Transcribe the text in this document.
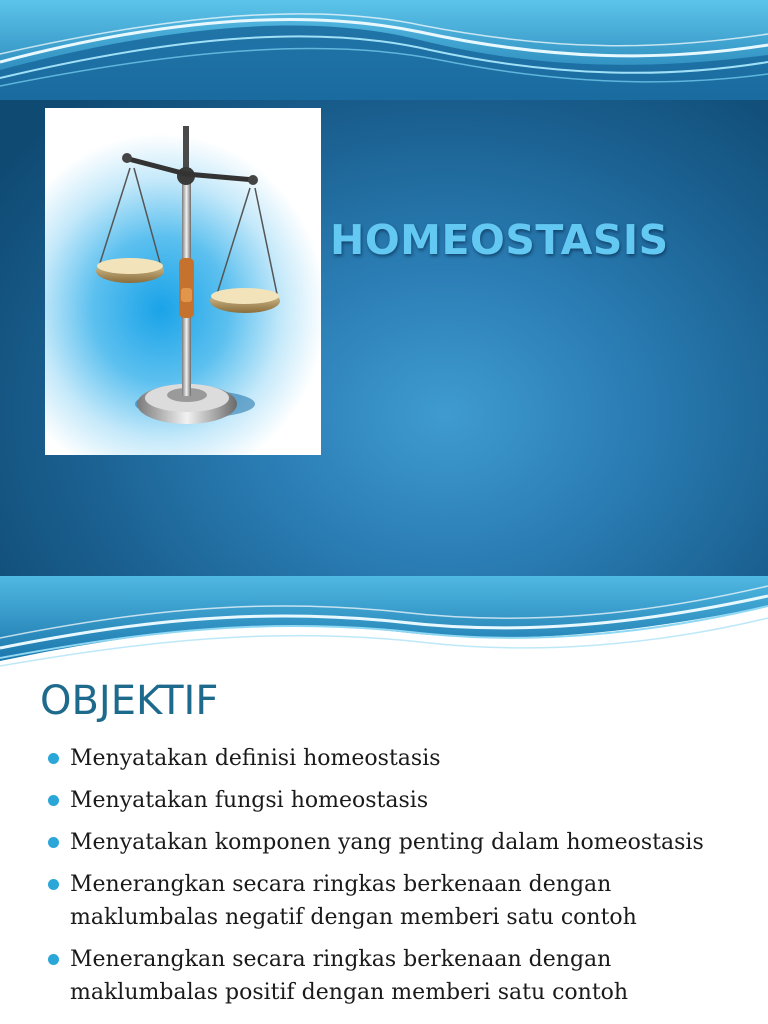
HOMEOSTASIS
OBJEKTIF
Menyatakan definisi homeostasis
Menyatakan fungsi homeostasis
Menyatakan komponen yang penting dalam homeostasis
Menerangkan secara ringkas berkenaan dengan maklumbalas negatif dengan memberi satu contoh
Menerangkan secara ringkas berkenaan dengan maklumbalas positif dengan memberi satu contoh
